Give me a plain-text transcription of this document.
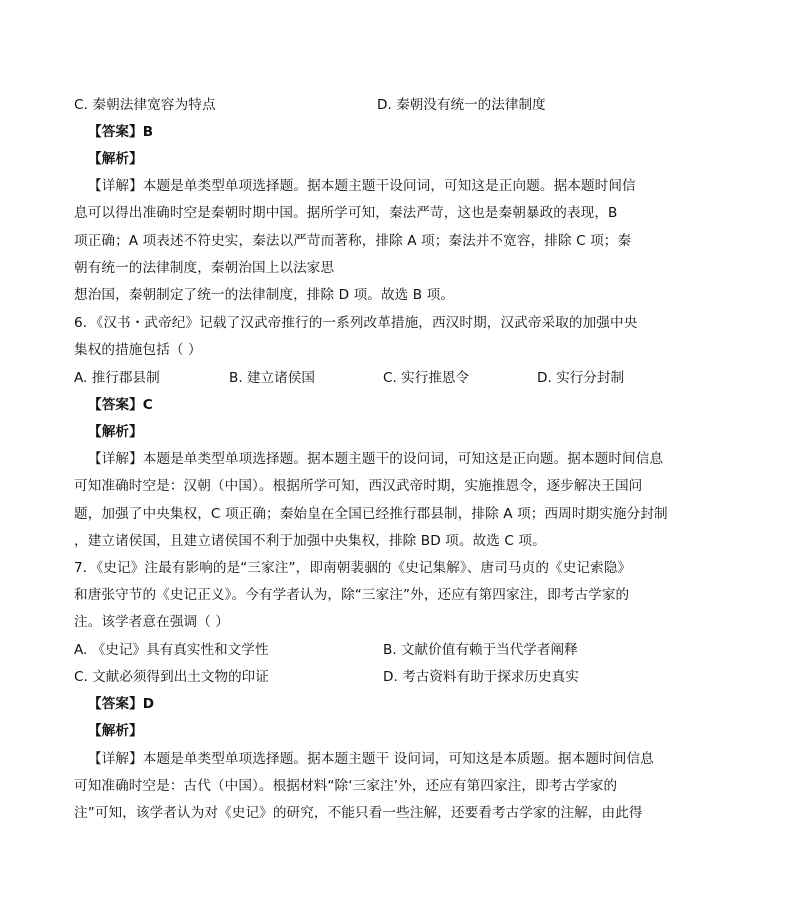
C. 秦朝法律宽容为特点	D. 秦朝没有统一的法律制度
【答案】B
【解析】
【详解】本题是单类型单项选择题。据本题主题干设问词，可知这是正向题。据本题时间信
息可以得出准确时空是秦朝时期中国。据所学可知，秦法严苛，这也是秦朝暴政的表现，B
项正确；A 项表述不符史实，秦法以严苛而著称，排除 A 项；秦法并不宽容，排除 C 项；秦
朝有统一的法律制度，秦朝治国上以法家思
想治国，秦朝制定了统一的法律制度，排除 D 项。故选 B 项。
6．《汉书・武帝纪》记载了汉武帝推行的一系列改革措施，西汉时期，汉武帝采取的加强中央
集权的措施包括（ ）
A. 推行郡县制	B. 建立诸侯国	C. 实行推恩令	D. 实行分封制
【答案】C
【解析】
【详解】本题是单类型单项选择题。据本题主题干的设问词，可知这是正向题。据本题时间信息
可知准确时空是：汉朝（中国）。根据所学可知，西汉武帝时期，实施推恩令，逐步解决王国问
题，加强了中央集权，C 项正确；秦始皇在全国已经推行郡县制，排除 A 项；西周时期实施分封制
，建立诸侯国，且建立诸侯国不利于加强中央集权，排除 BD 项。故选 C 项。
7．《史记》注最有影响的是“三家注”，即南朝裴骃的《史记集解》、唐司马贞的《史记索隐》
和唐张守节的《史记正义》。今有学者认为，除“三家注”外，还应有第四家注，即考古学家的
注。该学者意在强调（ ）
A. 《史记》具有真实性和文学性	B. 文献价值有赖于当代学者阐释
C. 文献必须得到出土文物的印证	D. 考古资料有助于探求历史真实
【答案】D
【解析】
【详解】本题是单类型单项选择题。据本题主题干 设问词，可知这是本质题。据本题时间信息
可知准确时空是：古代（中国）。根据材料“除‘三家注’外，还应有第四家注，即考古学家的
注”可知，该学者认为对《史记》的研究，不能只看一些注解，还要看考古学家的注解，由此得
